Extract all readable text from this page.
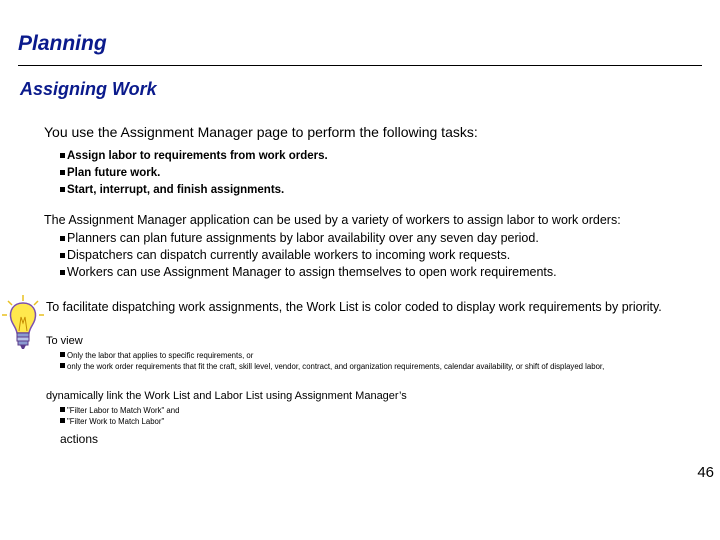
Planning
Assigning Work
You use the Assignment Manager page to perform the following tasks:
Assign labor to requirements from work orders.
Plan future work.
Start, interrupt, and finish assignments.
The Assignment Manager application can be used by a variety of workers to assign labor to work orders:
Planners can plan future assignments by labor availability over any seven day period.
Dispatchers can dispatch currently available workers to incoming work requests.
Workers can use Assignment Manager to assign themselves to open work requirements.
To facilitate dispatching work assignments, the Work List is color coded to display work requirements by priority.
To view
Only the labor that applies to specific requirements, or
only the work order requirements that fit the craft, skill level, vendor, contract, and organization requirements, calendar availability, or shift of displayed labor,
dynamically link the Work List and Labor List using Assignment Manager’s
"Filter Labor to Match Work" and
"Filter Work to Match Labor"
actions
46
